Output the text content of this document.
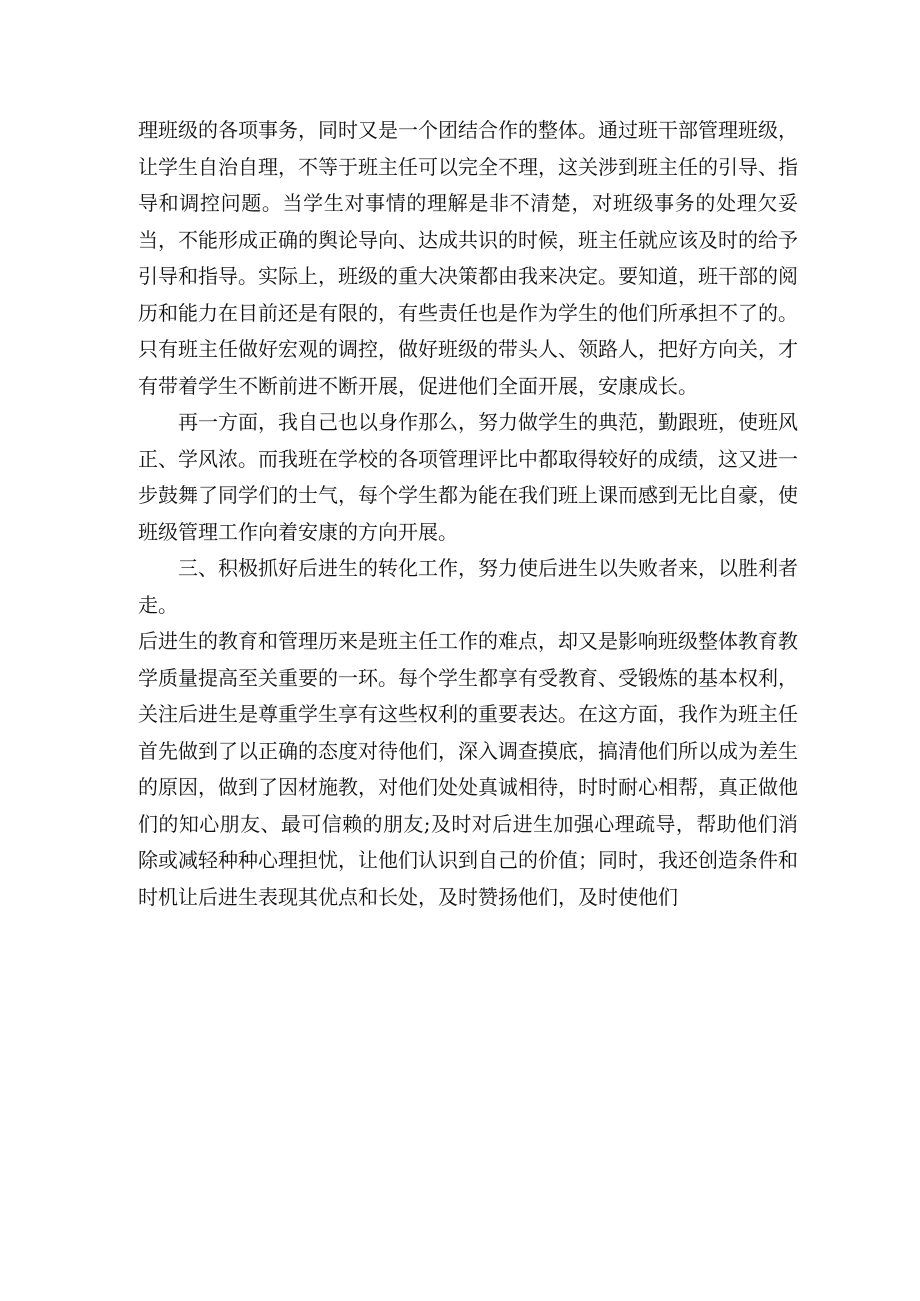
理班级的各项事务，同时又是一个团结合作的整体。通过班干部管理班级，让学生自治自理，不等于班主任可以完全不理，这关涉到班主任的引导、指导和调控问题。当学生对事情的理解是非不清楚，对班级事务的处理欠妥当，不能形成正确的舆论导向、达成共识的时候，班主任就应该及时的给予引导和指导。实际上，班级的重大决策都由我来决定。要知道，班干部的阅历和能力在目前还是有限的，有些责任也是作为学生的他们所承担不了的。只有班主任做好宏观的调控，做好班级的带头人、领路人，把好方向关，才有带着学生不断前进不断开展，促进他们全面开展，安康成长。

再一方面，我自己也以身作那么，努力做学生的典范，勤跟班，使班风正、学风浓。而我班在学校的各项管理评比中都取得较好的成绩，这又进一步鼓舞了同学们的士气，每个学生都为能在我们班上课而感到无比自豪，使班级管理工作向着安康的方向开展。

三、积极抓好后进生的转化工作，努力使后进生以失败者来，以胜利者走。

后进生的教育和管理历来是班主任工作的难点，却又是影响班级整体教育教学质量提高至关重要的一环。每个学生都享有受教育、受锻炼的基本权利，关注后进生是尊重学生享有这些权利的重要表达。在这方面，我作为班主任首先做到了以正确的态度对待他们，深入调查摸底，搞清他们所以成为差生的原因，做到了因材施教，对他们处处真诚相待，时时耐心相帮，真正做他们的知心朋友、最可信赖的朋友;及时对后进生加强心理疏导，帮助他们消除或减轻种种心理担忧，让他们认识到自己的价值；同时，我还创造条件和时机让后进生表现其优点和长处，及时赞扬他们，及时使他们
